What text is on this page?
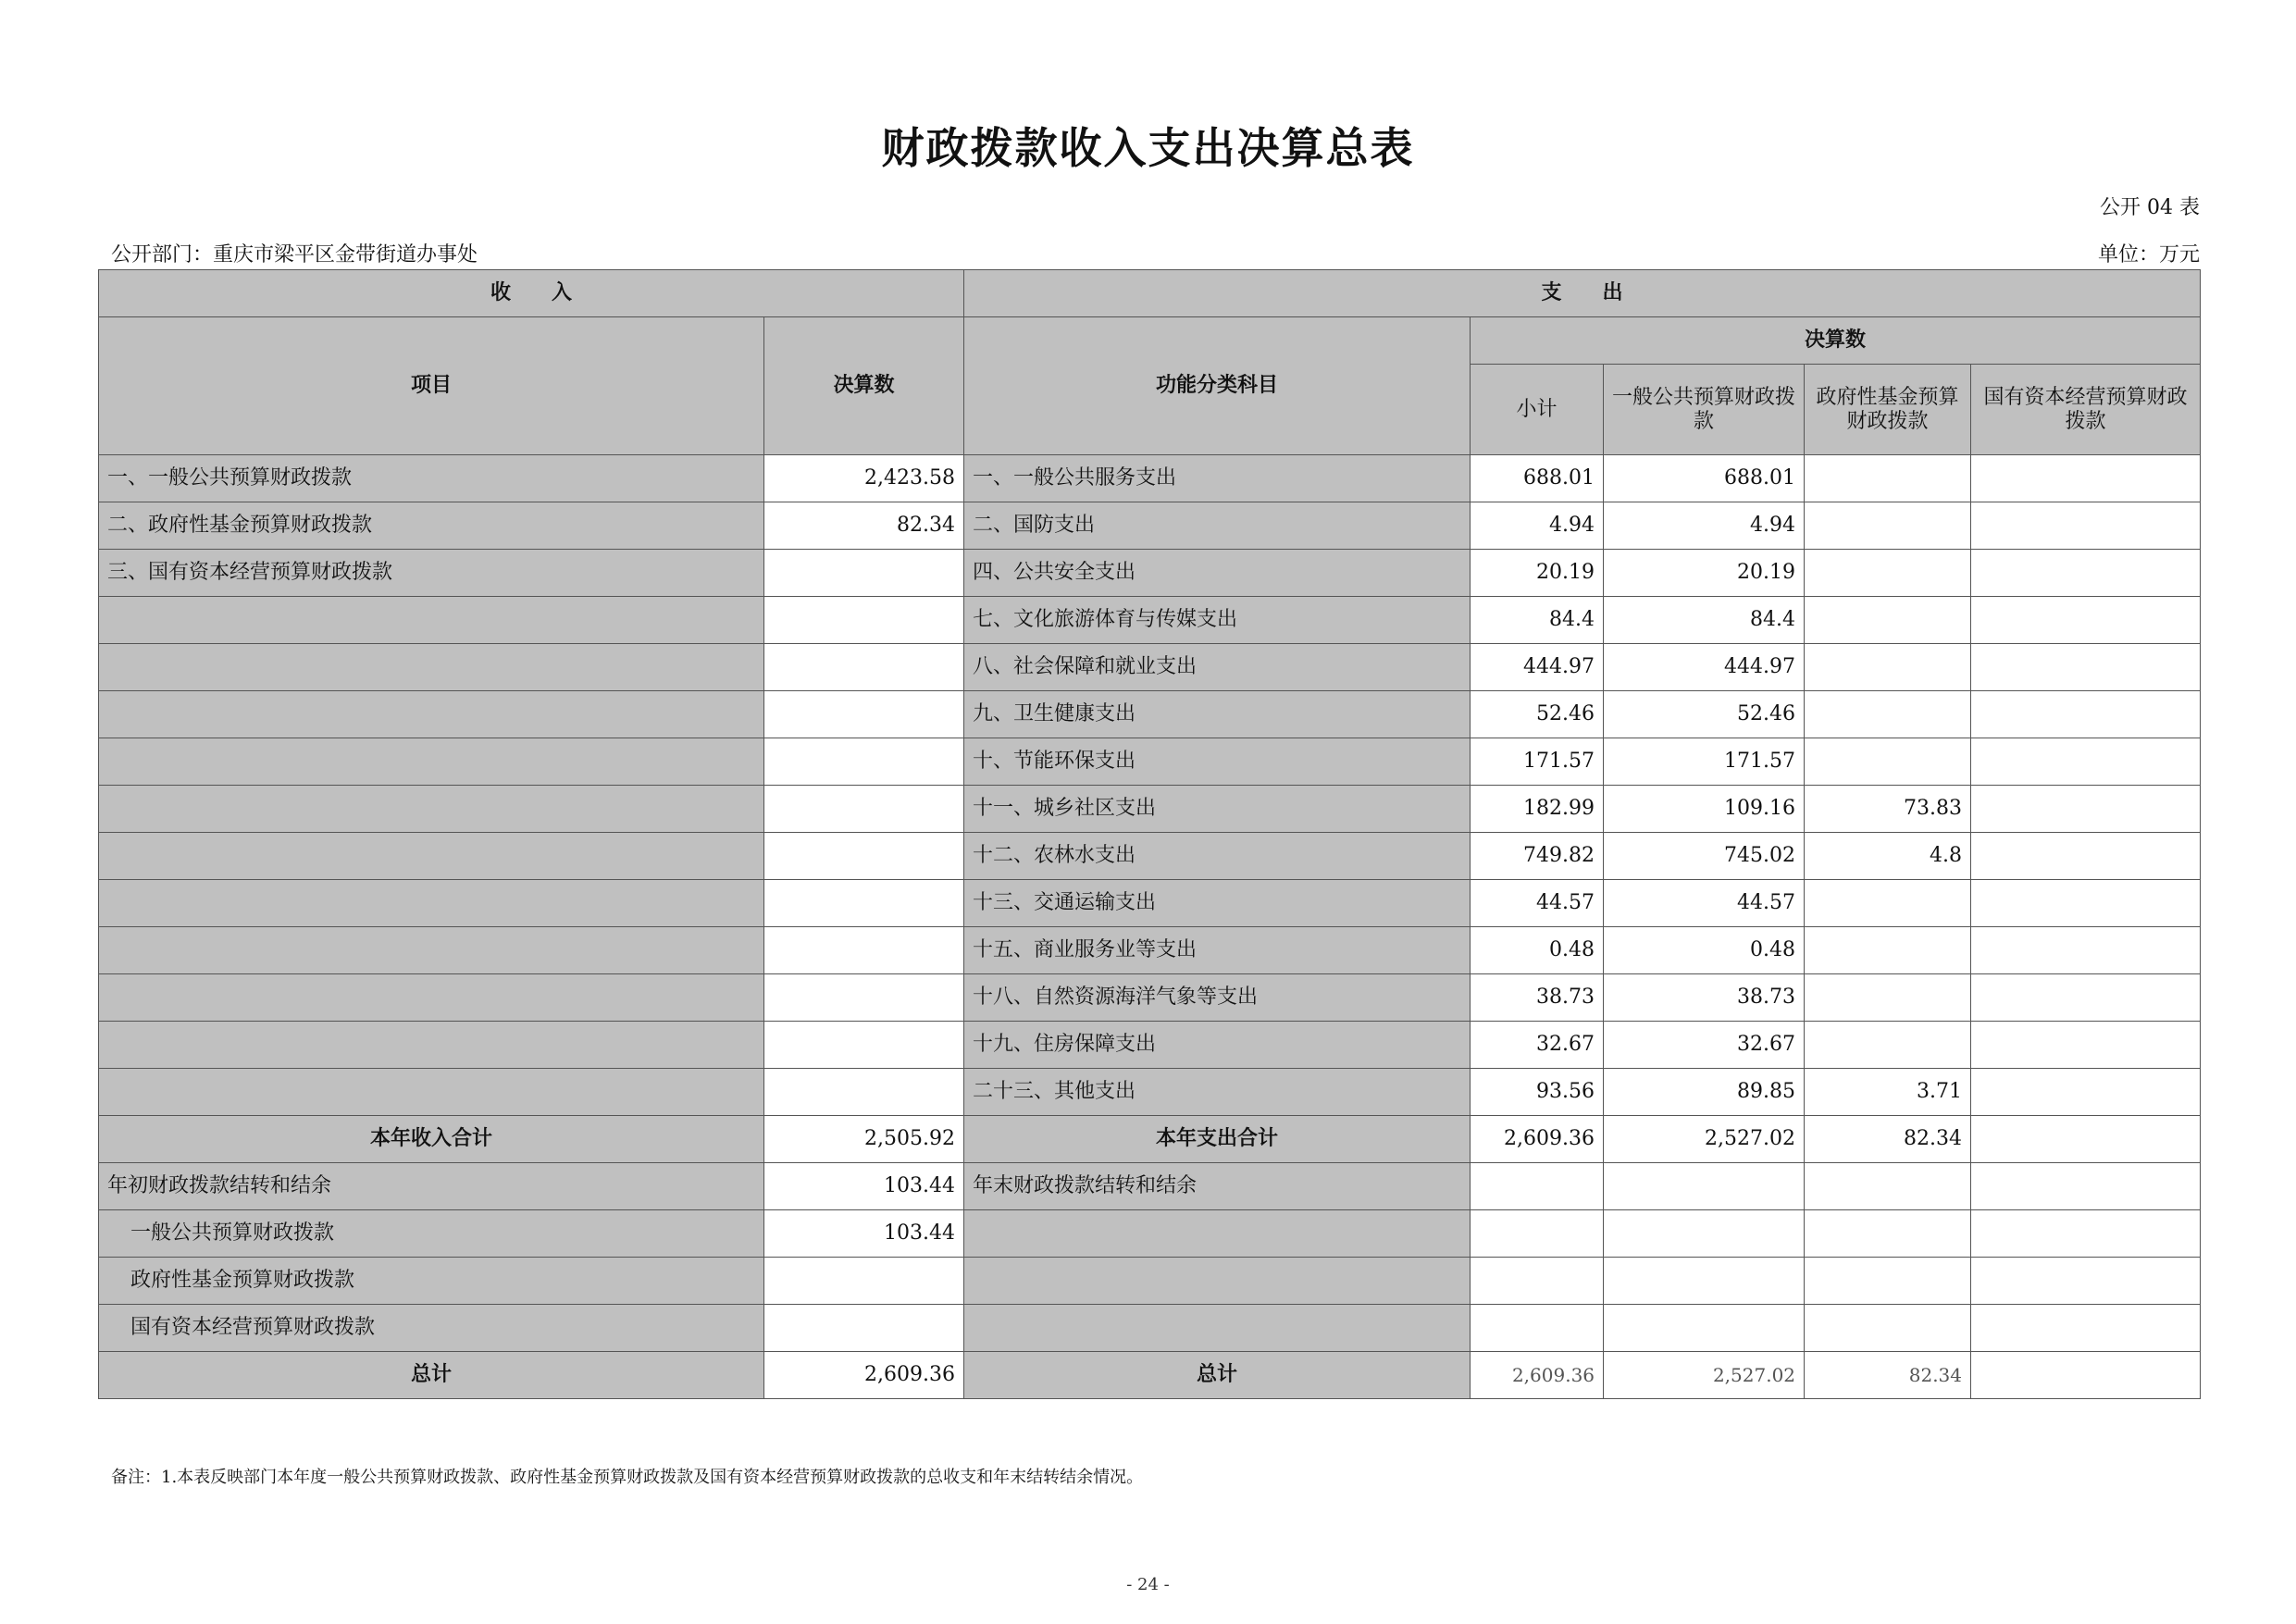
财政拨款收入支出决算总表
公开 04 表
公开部门：重庆市梁平区金带街道办事处	单位：万元
收　　入		支　　出				
项目	决算数	功能分类科目	决算数			
			小计	一般公共预算财政拨款	政府性基金预算财政拨款	国有资本经营预算财政拨款
一、一般公共预算财政拨款	2,423.58	一、一般公共服务支出	688.01	688.01		
二、政府性基金预算财政拨款	82.34	二、国防支出	4.94	4.94		
三、国有资本经营预算财政拨款		四、公共安全支出	20.19	20.19		
		七、文化旅游体育与传媒支出	84.4	84.4		
		八、社会保障和就业支出	444.97	444.97		
		九、卫生健康支出	52.46	52.46		
		十、节能环保支出	171.57	171.57		
		十一、城乡社区支出	182.99	109.16	73.83	
		十二、农林水支出	749.82	745.02	4.8	
		十三、交通运输支出	44.57	44.57		
		十五、商业服务业等支出	0.48	0.48		
		十八、自然资源海洋气象等支出	38.73	38.73		
		十九、住房保障支出	32.67	32.67		
		二十三、其他支出	93.56	89.85	3.71	
本年收入合计	2,505.92	本年支出合计	2,609.36	2,527.02	82.34	
年初财政拨款结转和结余	103.44	年末财政拨款结转和结余				
一般公共预算财政拨款	103.44					
政府性基金预算财政拨款						
国有资本经营预算财政拨款						
总计	2,609.36	总计	2,609.36	2,527.02	82.34	
备注：1.本表反映部门本年度一般公共预算财政拨款、政府性基金预算财政拨款及国有资本经营预算财政拨款的总收支和年末结转结余情况。
- 24 -
